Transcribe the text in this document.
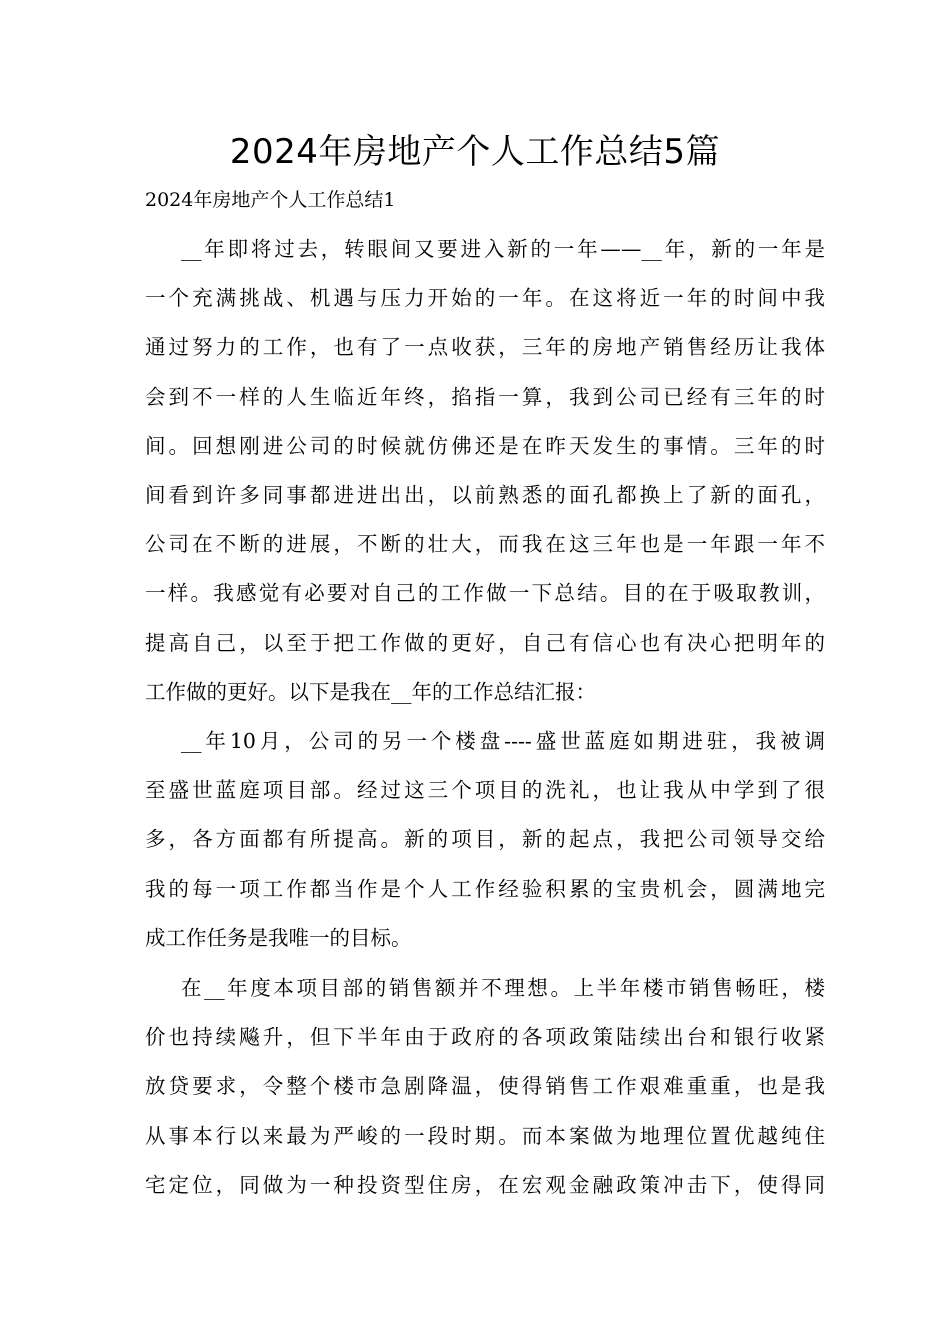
2024年房地产个人工作总结5篇

2024年房地产个人工作总结1

__年即将过去，转眼间又要进入新的一年——__年，新的一年是
一个充满挑战、机遇与压力开始的一年。在这将近一年的时间中我
通过努力的工作，也有了一点收获，三年的房地产销售经历让我体
会到不一样的人生临近年终，掐指一算，我到公司已经有三年的时
间。回想刚进公司的时候就仿佛还是在昨天发生的事情。三年的时
间看到许多同事都进进出出，以前熟悉的面孔都换上了新的面孔，
公司在不断的进展，不断的壮大，而我在这三年也是一年跟一年不
一样。我感觉有必要对自己的工作做一下总结。目的在于吸取教训，
提高自己，以至于把工作做的更好，自己有信心也有决心把明年的
工作做的更好。以下是我在__年的工作总结汇报：
__年10月，公司的另一个楼盘----盛世蓝庭如期进驻，我被调
至盛世蓝庭项目部。经过这三个项目的洗礼，也让我从中学到了很
多，各方面都有所提高。新的项目，新的起点，我把公司领导交给
我的每一项工作都当作是个人工作经验积累的宝贵机会，圆满地完
成工作任务是我唯一的目标。
在__年度本项目部的销售额并不理想。上半年楼市销售畅旺，楼
价也持续飚升，但下半年由于政府的各项政策陆续出台和银行收紧
放贷要求，令整个楼市急剧降温，使得销售工作艰难重重，也是我
从事本行以来最为严峻的一段时期。而本案做为地理位置优越纯住
宅定位，同做为一种投资型住房，在宏观金融政策冲击下，使得同
